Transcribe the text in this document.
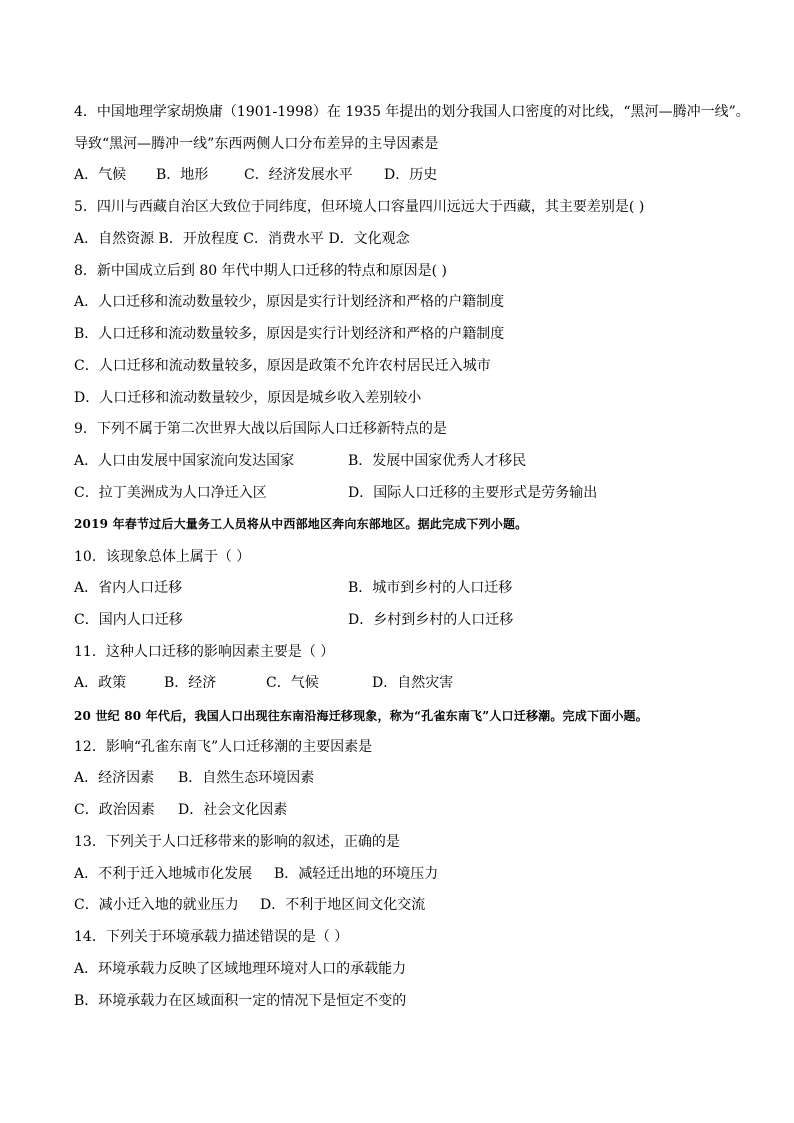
4．中国地理学家胡焕庸（1901-1998）在 1935 年提出的划分我国人口密度的对比线，“黑河—腾冲一线”。
导致“黑河—腾冲一线”东西两侧人口分布差异的主导因素是
A．气候 B．地形	C．经济发展水平 D．历史
5．四川与西藏自治区大致位于同纬度，但环境人口容量四川远远大于西藏，其主要差别是( )
A．自然资源 B．开放程度 C．消费水平 D．文化观念
8．新中国成立后到 80 年代中期人口迁移的特点和原因是( )
A．人口迁移和流动数量较少，原因是实行计划经济和严格的户籍制度
B．人口迁移和流动数量较多，原因是实行计划经济和严格的户籍制度
C．人口迁移和流动数量较多，原因是政策不允许农村居民迁入城市
D．人口迁移和流动数量较少，原因是城乡收入差别较小
9．下列不属于第二次世界大战以后国际人口迁移新特点的是
A．人口由发展中国家流向发达国家	B．发展中国家优秀人才移民
C．拉丁美洲成为人口净迁入区	D．国际人口迁移的主要形式是劳务输出
2019 年春节过后大量务工人员将从中西部地区奔向东部地区。据此完成下列小题。
10．该现象总体上属于（ ）
A．省内人口迁移	B．城市到乡村的人口迁移
C．国内人口迁移	D．乡村到乡村的人口迁移
11．这种人口迁移的影响因素主要是（ ）
A．政策	B．经济	C．气候	D．自然灾害
20 世纪 80 年代后，我国人口出现往东南沿海迁移现象，称为“孔雀东南飞”人口迁移潮。完成下面小题。
12．影响“孔雀东南飞”人口迁移潮的主要因素是
A．经济因素 B．自然生态环境因素
C．政治因素 D．社会文化因素
13．下列关于人口迁移带来的影响的叙述，正确的是
A．不利于迁入地城市化发展 B．减轻迁出地的环境压力
C．减小迁入地的就业压力 D．不利于地区间文化交流
14．下列关于环境承载力描述错误的是（ ）
A．环境承载力反映了区域地理环境对人口的承载能力
B．环境承载力在区域面积一定的情况下是恒定不变的
